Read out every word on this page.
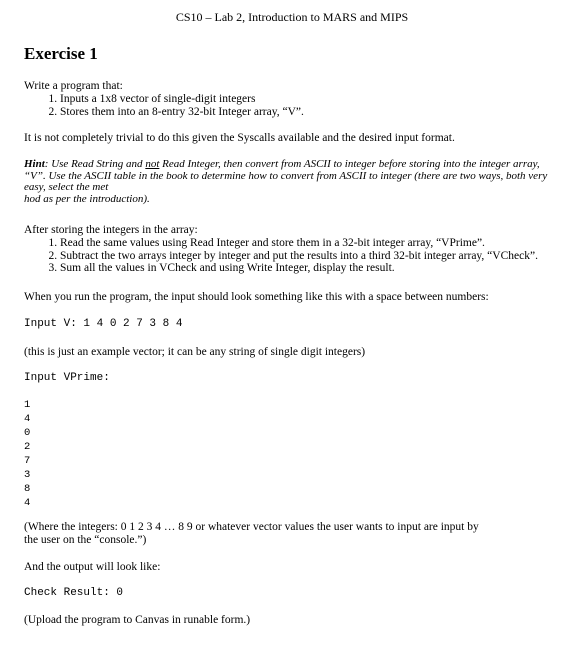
CS10 – Lab 2, Introduction to MARS and MIPS
Exercise 1
Write a program that:
1. Inputs a 1x8 vector of single-digit integers
2. Stores them into an 8-entry 32-bit Integer array, “V”.
It is not completely trivial to do this given the Syscalls available and the desired input format.
Hint: Use Read String and not Read Integer, then convert from ASCII to integer before storing into the integer array, “V”. Use the ASCII table in the book to determine how to convert from ASCII to integer (there are two ways, both very easy, select the met
hod as per the introduction).
After storing the integers in the array:
1. Read the same values using Read Integer and store them in a 32-bit integer array, “VPrime”.
2. Subtract the two arrays integer by integer and put the results into a third 32-bit integer array, “VCheck”.
3. Sum all the values in VCheck and using Write Integer, display the result.
When you run the program, the input should look something like this with a space between numbers:
Input V: 1 4 0 2 7 3 8 4
(this is just an example vector; it can be any string of single digit integers)
Input VPrime:
1
4
0
2
7
3
8
4
(Where the integers: 0 1 2 3 4 … 8 9 or whatever vector values the user wants to input are input by
the user on the “console.”)
And the output will look like:
Check Result: 0
(Upload the program to Canvas in runable form.)
